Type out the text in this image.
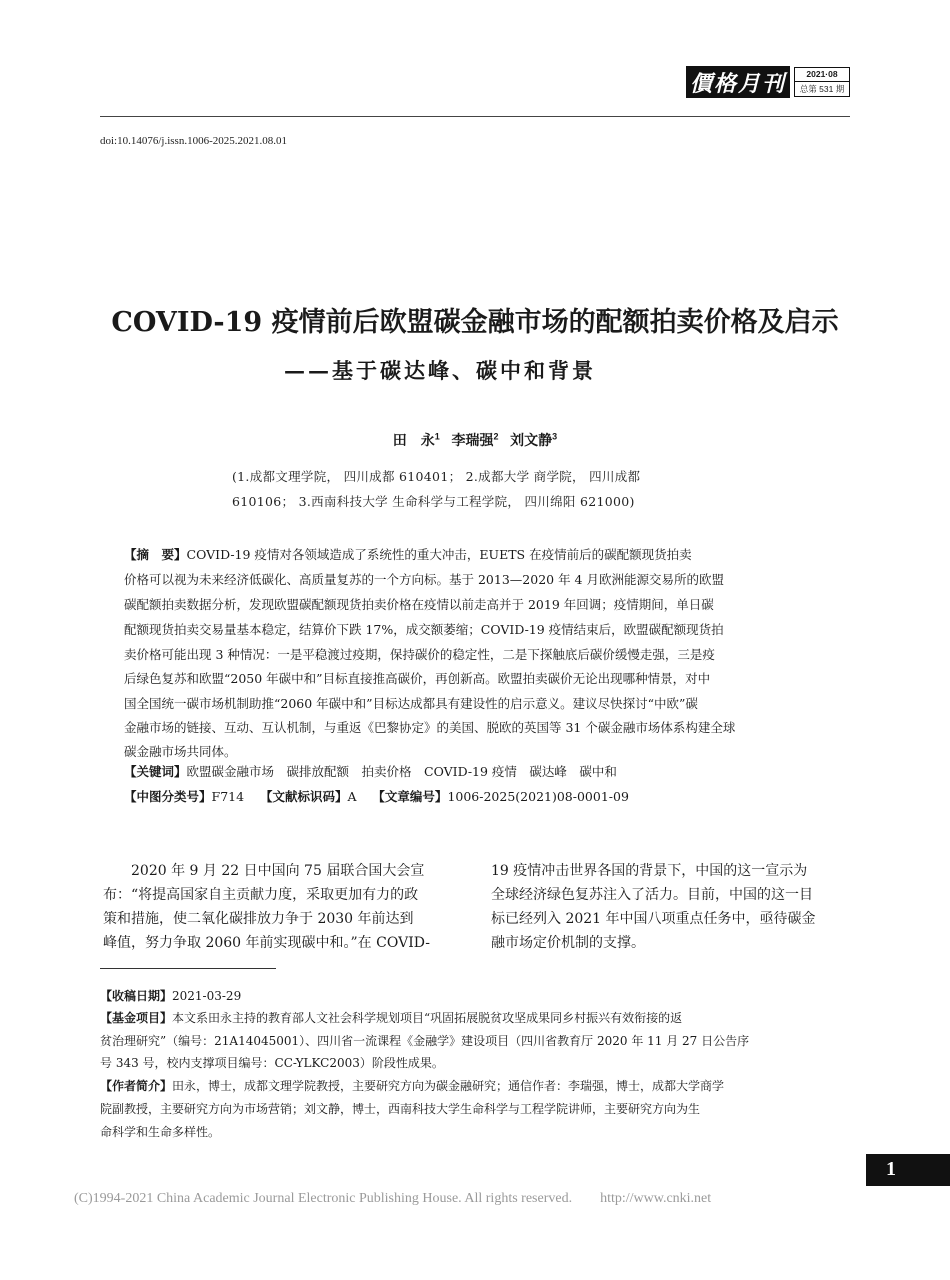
價格月刊	2021·08
总第 531 期
doi:10.14076/j.issn.1006-2025.2021.08.01
COVID-19 疫情前后欧盟碳金融市场的配额拍卖价格及启示
——基于碳达峰、碳中和背景
田　永$^1$ 李瑞强$^2$ 刘文静$^3$
(1.成都文理学院， 四川成都 610401； 2.成都大学 商学院， 四川成都
610106； 3.西南科技大学 生命科学与工程学院， 四川绵阳 621000)
【摘　要】COVID-19 疫情对各领域造成了系统性的重大冲击，EUETS 在疫情前后的碳配额现货拍卖
价格可以视为未来经济低碳化、高质量复苏的一个方向标。基于 2013—2020 年 4 月欧洲能源交易所的欧盟
碳配额拍卖数据分析，发现欧盟碳配额现货拍卖价格在疫情以前走高并于 2019 年回调；疫情期间，单日碳
配额现货拍卖交易量基本稳定，结算价下跌 17%，成交额萎缩；COVID-19 疫情结束后，欧盟碳配额现货拍
卖价格可能出现 3 种情况：一是平稳渡过疫期，保持碳价的稳定性，二是下探触底后碳价缓慢走强，三是疫
后绿色复苏和欧盟“2050 年碳中和”目标直接推高碳价，再创新高。欧盟拍卖碳价无论出现哪种情景，对中
国全国统一碳市场机制助推“2060 年碳中和”目标达成都具有建设性的启示意义。建议尽快探讨“中欧”碳
金融市场的链接、互动、互认机制，与重返《巴黎协定》的美国、脱欧的英国等 31 个碳金融市场体系构建全球
碳金融市场共同体。
【关键词】欧盟碳金融市场　碳排放配额　拍卖价格　COVID-19 疫情　碳达峰　碳中和
【中图分类号】F714 【文献标识码】A 【文章编号】1006-2025(2021)08-0001-09
　　2020 年 9 月 22 日中国向 75 届联合国大会宣
布：“将提高国家自主贡献力度，采取更加有力的政
策和措施，使二氧化碳排放力争于 2030 年前达到
峰值，努力争取 2060 年前实现碳中和。”在 COVID-
19 疫情冲击世界各国的背景下，中国的这一宣示为
全球经济绿色复苏注入了活力。目前，中国的这一目
标已经列入 2021 年中国八项重点任务中，亟待碳金
融市场定价机制的支撑。
【收稿日期】2021-03-29
【基金项目】本文系田永主持的教育部人文社会科学规划项目“巩固拓展脱贫攻坚成果同乡村振兴有效衔接的返
贫治理研究”（编号：21A14045001）、四川省一流课程《金融学》建设项目（四川省教育厅 2020 年 11 月 27 日公告序
号 343 号，校内支撑项目编号：CC-YLKC2003）阶段性成果。
【作者简介】田永，博士，成都文理学院教授，主要研究方向为碳金融研究；通信作者：李瑞强，博士，成都大学商学
院副教授，主要研究方向为市场营销；刘文静，博士，西南科技大学生命科学与工程学院讲师，主要研究方向为生
命科学和生命多样性。
1
(C)1994-2021 China Academic Journal Electronic Publishing House. All rights reserved.　　http://www.cnki.net
